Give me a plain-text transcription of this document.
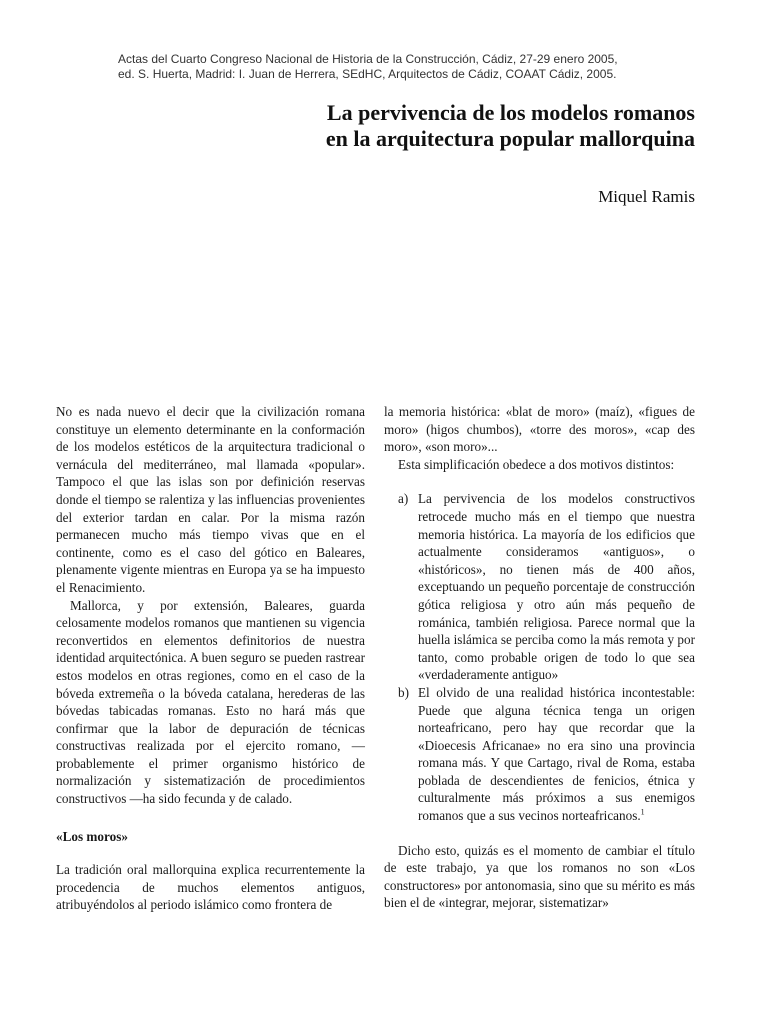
Actas del Cuarto Congreso Nacional de Historia de la Construcción, Cádiz, 27-29 enero 2005,
ed. S. Huerta, Madrid: I. Juan de Herrera, SEdHC, Arquitectos de Cádiz, COAAT Cádiz, 2005.
La pervivencia de los modelos romanos
en la arquitectura popular mallorquina
Miquel Ramis

No es nada nuevo el decir que la civilización romana constituye un elemento determinante en la conformación de los modelos estéticos de la arquitectura tradicional o vernácula del mediterráneo, mal llamada «popular». Tampoco el que las islas son por definición reservas donde el tiempo se ralentiza y las influencias provenientes del exterior tardan en calar. Por la misma razón permanecen mucho más tiempo vivas que en el continente, como es el caso del gótico en Baleares, plenamente vigente mientras en Europa ya se ha impuesto el Renacimiento.

Mallorca, y por extensión, Baleares, guarda celosamente modelos romanos que mantienen su vigencia reconvertidos en elementos definitorios de nuestra identidad arquitectónica. A buen seguro se pueden rastrear estos modelos en otras regiones, como en el caso de la bóveda extremeña o la bóveda catalana, herederas de las bóvedas tabicadas romanas. Esto no hará más que confirmar que la labor de depuración de técnicas constructivas realizada por el ejercito romano, —probablemente el primer organismo histórico de normalización y sistematización de procedimientos constructivos —ha sido fecunda y de calado.

«Los moros»

La tradición oral mallorquina explica recurrentemente la procedencia de muchos elementos antiguos, atribuyéndolos al periodo islámico como frontera de

la memoria histórica: «blat de moro» (maíz), «figues de moro» (higos chumbos), «torre des moros», «cap des moro», «son moro»...

Esta simplificación obedece a dos motivos distintos:

a) La pervivencia de los modelos constructivos retrocede mucho más en el tiempo que nuestra memoria histórica. La mayoría de los edificios que actualmente consideramos «antiguos», o «históricos», no tienen más de 400 años, exceptuando un pequeño porcentaje de construcción gótica religiosa y otro aún más pequeño de románica, también religiosa. Parece normal que la huella islámica se perciba como la más remota y por tanto, como probable origen de todo lo que sea «verdaderamente antiguo»
b) El olvido de una realidad histórica incontestable: Puede que alguna técnica tenga un origen norteafricano, pero hay que recordar que la «Dioecesis Africanae» no era sino una provincia romana más. Y que Cartago, rival de Roma, estaba poblada de descendientes de fenicios, étnica y culturalmente más próximos a sus enemigos romanos que a sus vecinos norteafricanos.$^1$

Dicho esto, quizás es el momento de cambiar el título de este trabajo, ya que los romanos no son «Los constructores» por antonomasia, sino que su mérito es más bien el de «integrar, mejorar, sistematizar»
